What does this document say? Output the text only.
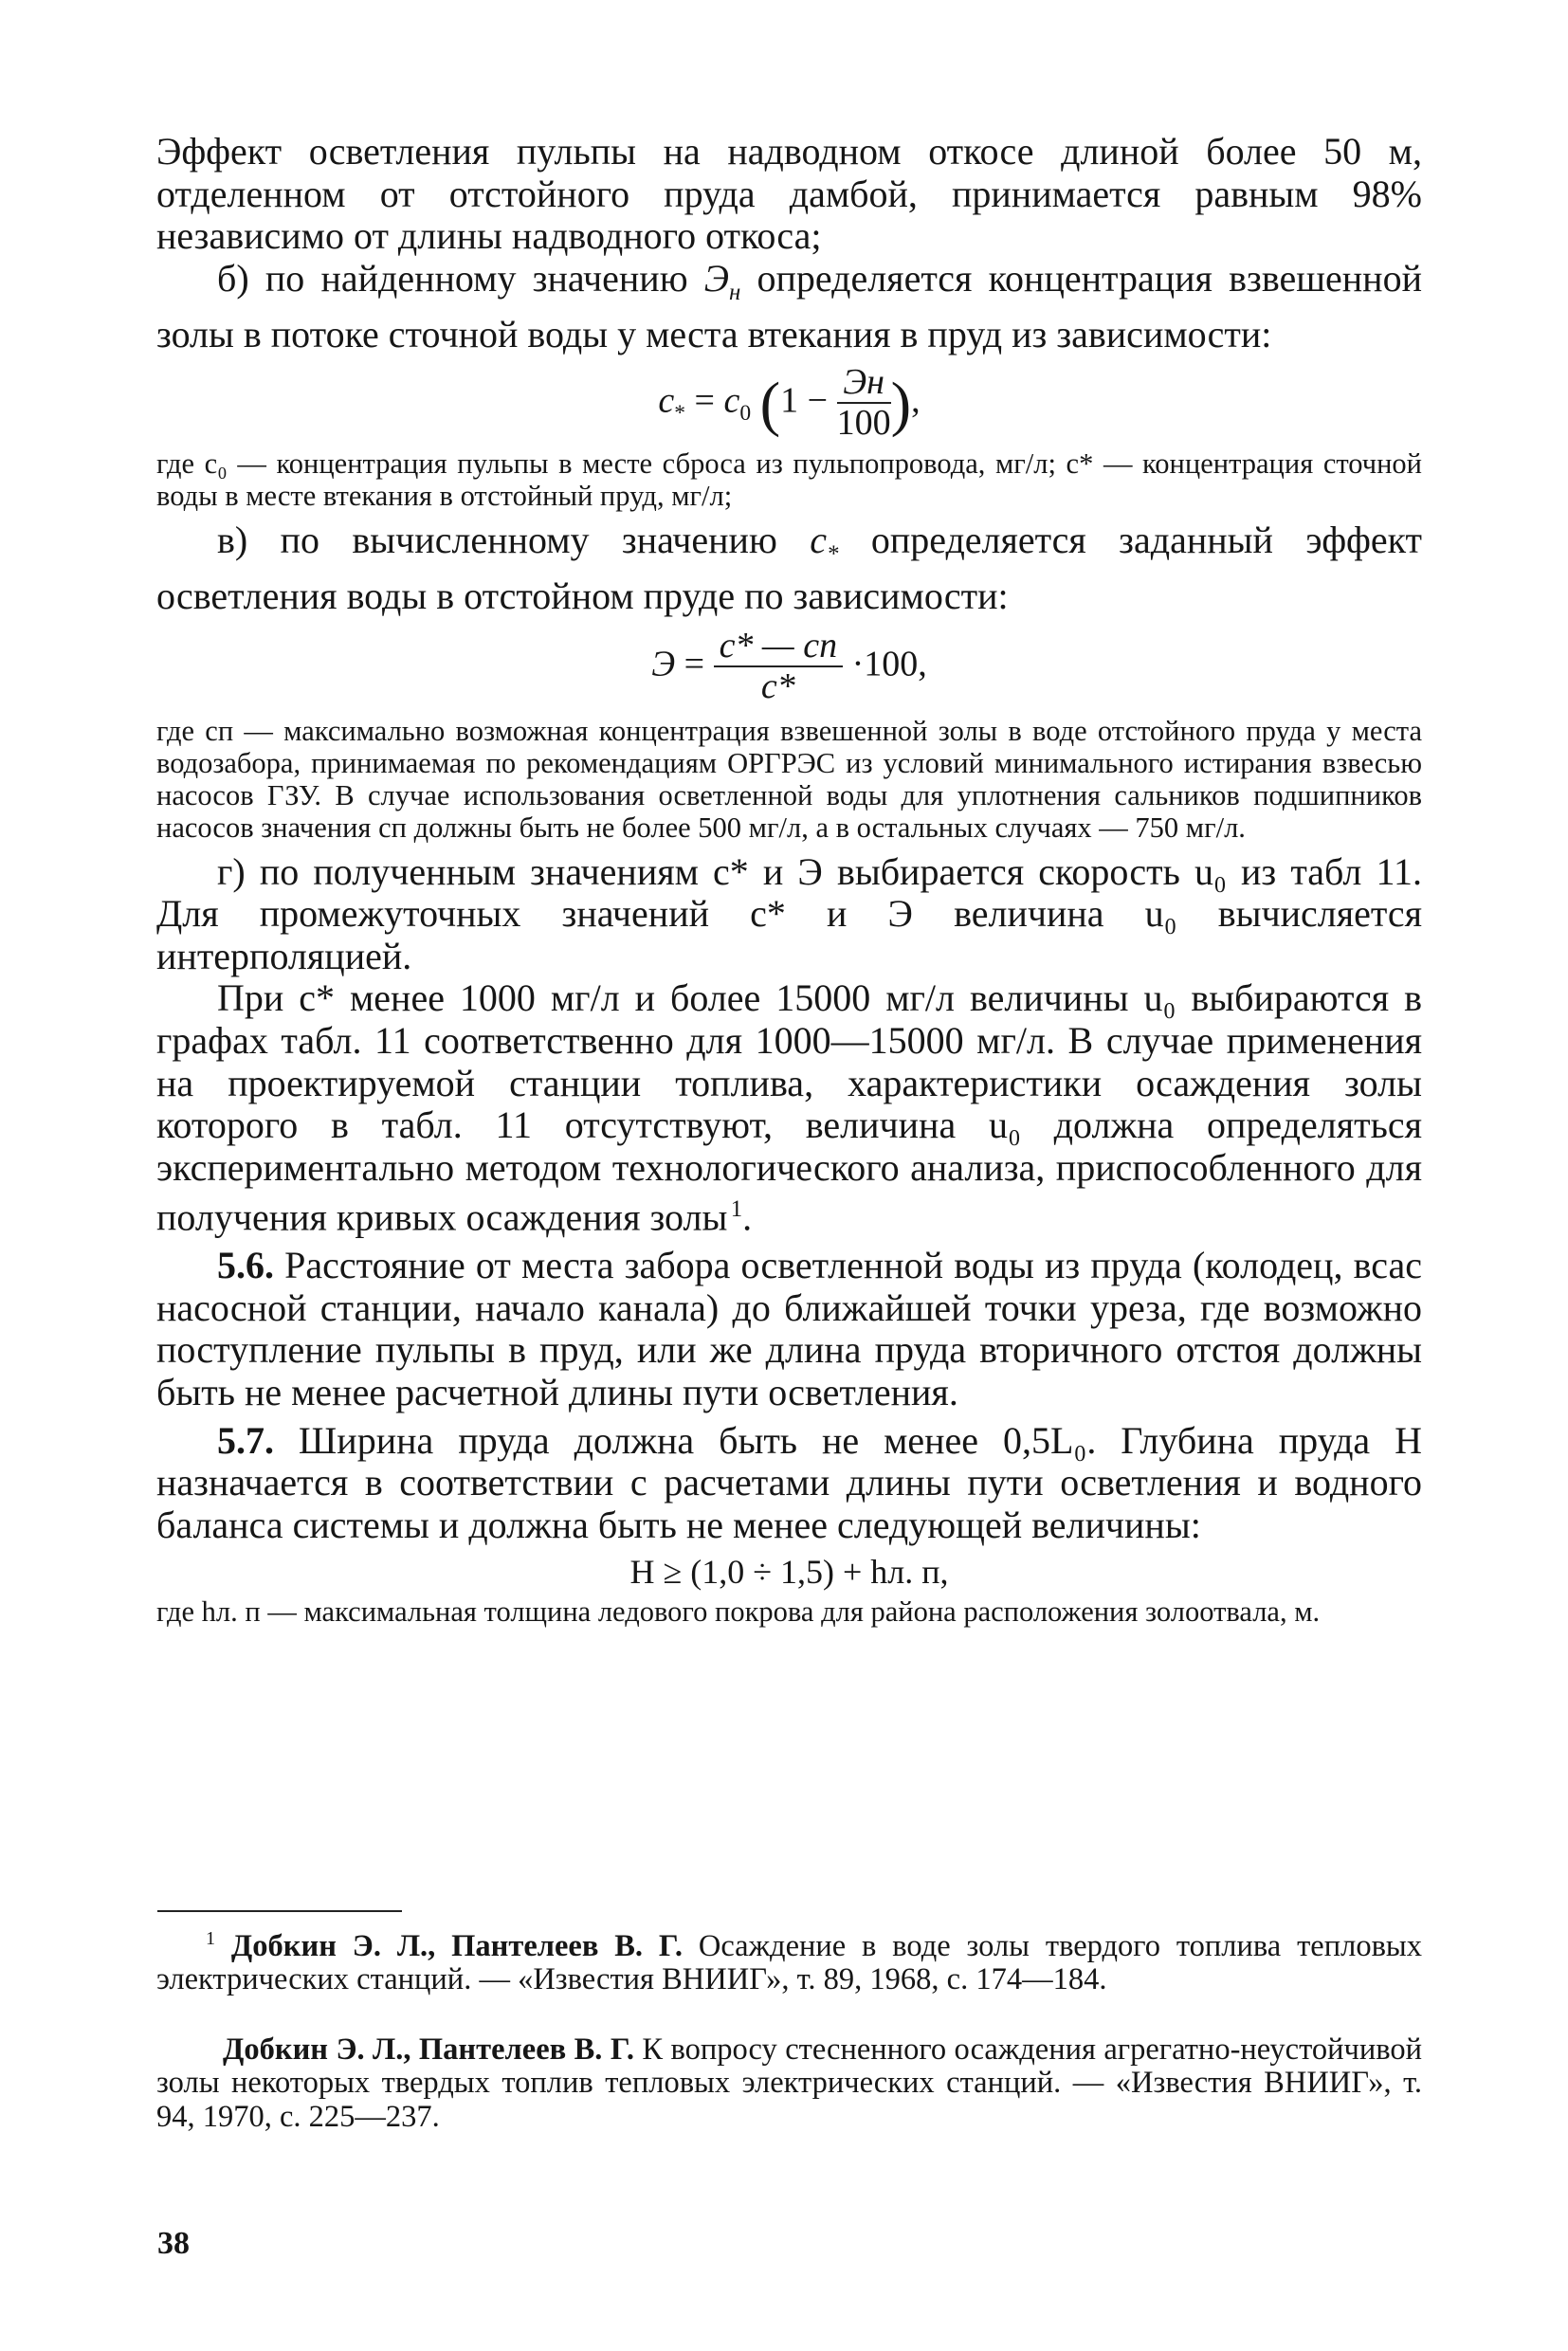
Эффект осветления пульпы на надводном откосе длиной более 50 м, отделенном от отстойного пруда дамбой, принимается равным 98% независимо от длины надводного откоса;

б) по найденному значению $Э_н$ определяется концентрация взвешенной золы в потоке сточной воды у места втекания в пруд из зависимости:

$c_* = c_0$ ($1 - \frac{Эн}{100}$ ),

где c₀ — концентрация пульпы в месте сброса из пульпопровода, мг/л; c* — концентрация сточной воды в месте втекания в отстойный пруд, мг/л;

в) по вычисленному значению $c_*$ определяется заданный эффект осветления воды в отстойном пруде по зависимости:

$Э = \frac{c* — cп}{c*} \cdot 100$,

где cп — максимально возможная концентрация взвешенной золы в воде отстойного пруда у места водозабора, принимаемая по рекомендациям ОРГРЭС из условий минимального истирания взвесью насосов ГЗУ. В случае использования осветленной воды для уплотнения сальников подшипников насосов значения cп должны быть не более 500 мг/л, а в остальных случаях — 750 мг/л.

г) по полученным значениям c* и Э выбирается скорость u₀ из табл 11. Для промежуточных значений c* и Э величина u₀ вычисляется интерполяцией.

При c* менее 1000 мг/л и более 15000 мг/л величины u₀ выбираются в графах табл. 11 соответственно для 1000—15000 мг/л. В случае применения на проектируемой станции топлива, характеристики осаждения золы которого в табл. 11 отсутствуют, величина u₀ должна определяться экспериментально методом технологического анализа, приспособленного для получения кривых осаждения золы  $^1$.

5.6. Расстояние от места забора осветленной воды из пруда (колодец, всас насосной станции, начало канала) до ближайшей точки уреза, где возможно поступление пульпы в пруд, или же длина пруда вторичного отстоя должны быть не менее расчетной длины пути осветления.

5.7. Ширина пруда должна быть не менее 0,5L₀. Глубина пруда H назначается в соответствии с расчетами длины пути осветления и водного баланса системы и должна быть не менее следующей величины:

H ≥ (1,0 ÷ 1,5) + hл. п,

где hл. п — максимальная толщина ледового покрова для района расположения золоотвала, м.

$^1$ Добкин Э. Л., Пантелеев В. Г. Осаждение в воде золы твердого топлива тепловых электрических станций. — «Известия ВНИИГ», т. 89, 1968, с. 174—184.

Добкин Э. Л., Пантелеев В. Г. К вопросу стесненного осаждения агрегатно-неустойчивой золы некоторых твердых топлив тепловых электрических станций. — «Известия ВНИИГ», т. 94, 1970, с. 225—237.

38
